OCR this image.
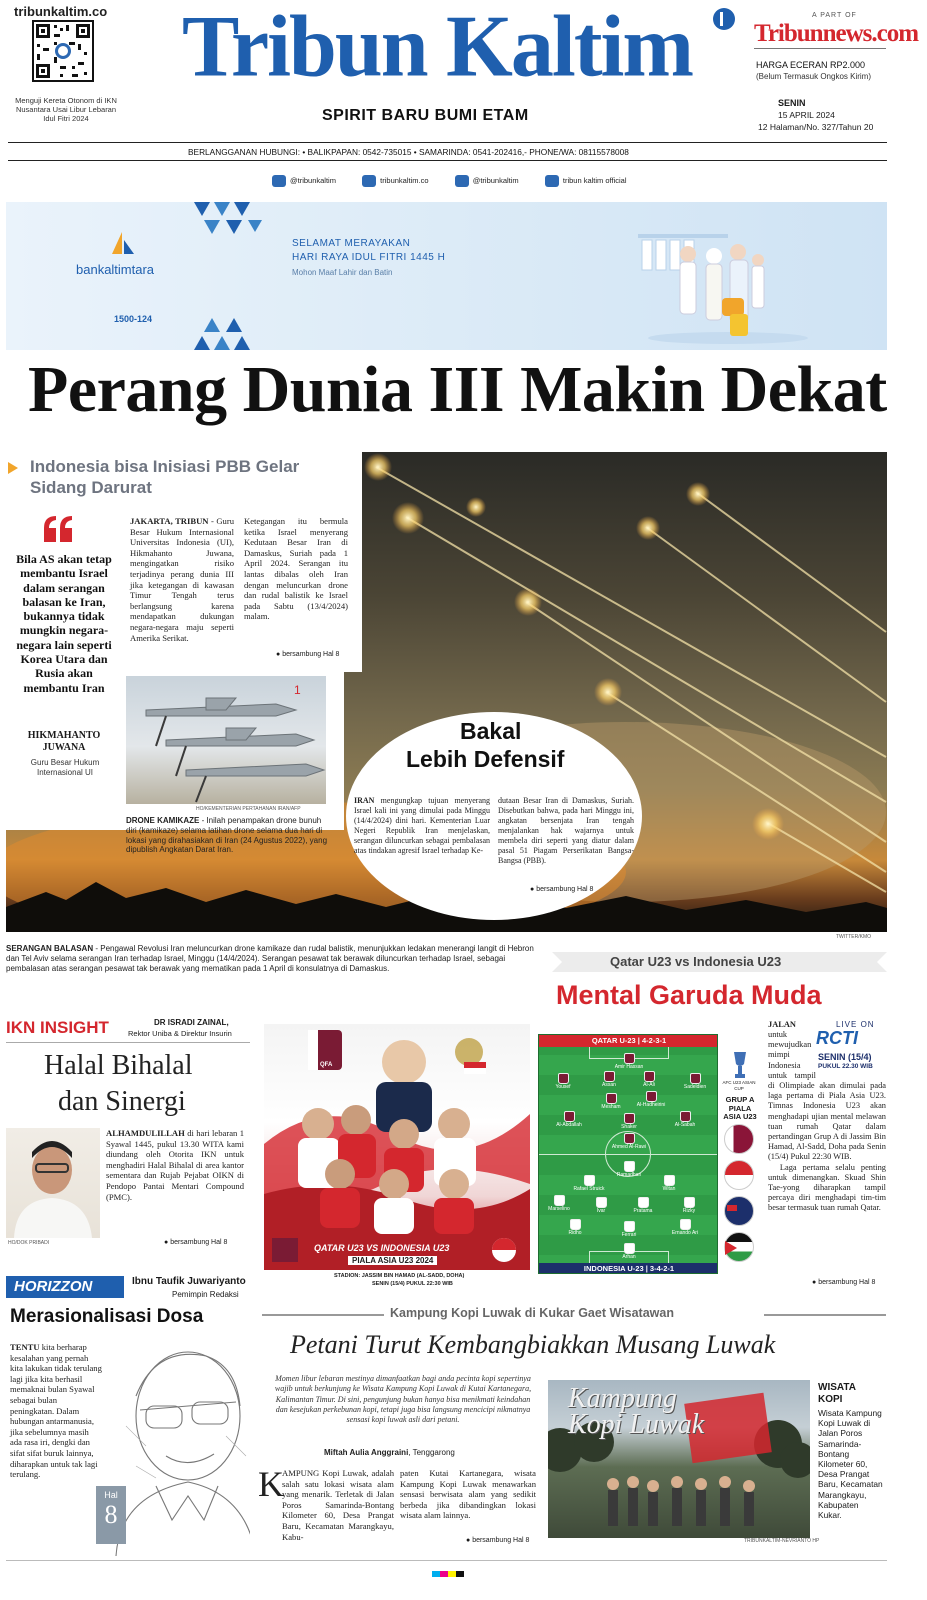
tribunkaltim.co
Menguji Kereta Otonom di IKN Nusantara Usai Libur Lebaran Idul Fitri 2024
Tribun Kaltim
SPIRIT BARU BUMI ETAM
A PART OF
Tribunnews.com
HARGA ECERAN RP2.000
(Belum Termasuk Ongkos Kirim)
SENIN
15 APRIL 2024
12 Halaman/No. 327/Tahun 20
BERLANGGANAN HUBUNGI: • BALIKPAPAN: 0542-735015 • SAMARINDA: 0541-202416,- PHONE/WA: 08115578008
@tribunkaltim	tribunkaltim.co	@tribunkaltim	tribun kaltim official
bankaltimtara
SELAMAT MERAYAKAN
HARI RAYA IDUL FITRI 1445 H
Mohon Maaf Lahir dan Batin
1500-124
Perang Dunia III Makin Dekat
Indonesia bisa Inisiasi PBB Gelar Sidang Darurat
Bila AS akan tetap membantu Israel dalam serangan balasan ke Iran, bukannya tidak mungkin negara-negara lain seperti Korea Utara dan Rusia akan membantu Iran
HIKMAHANTO JUWANA
Guru Besar Hukum Internasional UI
JAKARTA, TRIBUN - Guru Besar Hukum Internasional Universitas Indonesia (UI), Hikmahanto Juwana, mengingatkan risiko terjadinya perang dunia III jika ketegangan di kawasan Timur Tengah terus berlangsung karena mendapatkan dukungan negara-negara maju seperti Amerika Serikat.
Ketegangan itu bermula ketika Israel menyerang Kedutaan Besar Iran di Damaskus, Suriah pada 1 April 2024. Serangan itu lantas dibalas oleh Iran dengan meluncurkan drone dan rudal balistik ke Israel pada Sabtu (13/4/2024) malam.
● bersambung Hal 8
1
HO/KEMENTERIAN PERTAHANAN IRAN/AFP
DRONE KAMIKAZE - Inilah penampakan drone bunuh diri (kamikaze) selama latihan drone selama dua hari di lokasi yang dirahasiakan di Iran (24 Agustus 2022), yang dipublish Angkatan Darat Iran.
Bakal
Lebih Defensif
IRAN mengungkap tujuan menyerang Israel kali ini yang dimulai pada Minggu (14/4/2024) dini hari. Kementerian Luar Negeri Republik Iran menjelaskan, serangan diluncurkan sebagai pembalasan atas tindakan agresif Israel terhadap Ke-
dutaan Besar Iran di Damaskus, Suriah. Disebutkan bahwa, pada hari Minggu ini, angkatan bersenjata Iran tengah menjalankan hak wajarnya untuk membela diri seperti yang diatur dalam pasal 51 Piagam Perserikatan Bangsa-Bangsa (PBB).
● bersambung Hal 8
TWITTER/KMO
SERANGAN BALASAN - Pengawal Revolusi Iran meluncurkan drone kamikaze dan rudal balistik, menunjukkan ledakan menerangi langit di Hebron dan Tel Aviv selama serangan Iran terhadap Israel, Minggu (14/4/2024). Serangan pesawat tak berawak diluncurkan terhadap Israel, sebagai pembalasan atas serangan pesawat tak berawak yang mematikan pada 1 April di konsulatnya di Damaskus.	Qatar U23 vs Indonesia U23
Mental Garuda Muda
QFA
QATAR U23 VS INDONESIA U23
PIALA ASIA U23 2024
STADION: JASSIM BIN HAMAD (AL-SADD, DOHA)
SENIN (15/4) PUKUL 22:30 WIB
QATAR U-23 | 4-2-3-1
INDONESIA U-23 | 3-4-2-1
Amir Hassan
Yousef	Assan	Al-Ali	Sadeldien
Mesham	Al-Hadheirini
Al-Abdallah	Shaker	Al-Sabah
Ahmed Al-Rawi
Ramadhan
Rafael Struick	Witan
Marselino	Ivar	Pratama	Rizky
Ridho	Ferrari	Ernando Ari
Arhan
AFC U23 ASIAN CUP
GRUP A PIALA ASIA U23
LIVE ON
RCTI
SENIN (15/4)
PUKUL 22.30 WIB
JALAN
untuk mewujudkan mimpi Indonesia untuk tampil di Olimpiade akan dimulai pada laga pertama di Piala Asia U23. Timnas Indonesia U23 akan menghadapi ujian mental melawan tuan rumah Qatar dalam pertandingan Grup A di Jassim Bin Hamad, Al-Sadd, Doha pada Senin (15/4) Pukul 22:30 WIB.
Laga pertama selalu penting untuk dimenangkan. Skuad Shin Tae-yong diharapkan tampil percaya diri menghadapi tim-tim besar termasuk tuan rumah Qatar.
● bersambung Hal 8
IKN INSIGHT	DR ISRADI ZAINAL,
Rektor Uniba & Direktur Insurin
Halal Bihalal
dan Sinergi
HO/DOK PRIBADI
ALHAMDULILLAH di hari lebaran 1 Syawal 1445, pukul 13.30 WITA kami diundang oleh Otorita IKN untuk menghadiri Halal Bihalal di area kantor sementara dan Rujab Pejabat OIKN di Pendopo Pantai Mentari Compound (PMC).
● bersambung Hal 8
HORIZZON	Ibnu Taufik Juwariyanto
Pemimpin Redaksi
Merasionalisasi Dosa
TENTU kita berharap kesalahan yang pernah kita lakukan tidak terulang lagi jika kita berhasil memaknai bulan Syawal sebagai bulan peningkatan. Dalam hubungan antarmanusia, jika sebelumnya masih ada rasa iri, dengki dan sifat sifat buruk lainnya, diharapkan untuk tak lagi terulang.
Hal
8
Kampung Kopi Luwak di Kukar Gaet Wisatawan
Petani Turut Kembangbiakkan Musang Luwak
Momen libur lebaran mestinya dimanfaatkan bagi anda pecinta kopi sepertinya wajib untuk berkunjung ke Wisata Kampung Kopi Luwak di Kutai Kartanegara, Kalimantan Timur. Di sini, pengunjung bukan hanya bisa menikmati keindahan dan kesejukan perkebunan kopi, tetapi juga bisa langsung mencicipi nikmatnya sensasi kopi luwak asli dari petani.
Miftah Aulia Anggraini, Tenggarong
K
AMPUNG Kopi Luwak, adalah salah satu lokasi wisata alam yang menarik. Terletak di Jalan Poros Samarinda-Bontang Kilometer 60, Desa Prangat Baru, Kecamatan Marangkayu, Kabu-
paten Kutai Kartanegara, wisata Kampung Kopi Luwak menawarkan sensasi berwisata alam yang sedikit berbeda jika dibandingkan lokasi wisata alam lainnya.
● bersambung Hal 8
Kampung Kopi Luwak
TRIBUNKALTIM-NEVRIANTO HP
WISATA
KOPI
Wisata Kampung Kopi Luwak di Jalan Poros Samarinda-Bontang Kilometer 60, Desa Prangat Baru, Kecamatan Marangkayu, Kabupaten Kukar.
